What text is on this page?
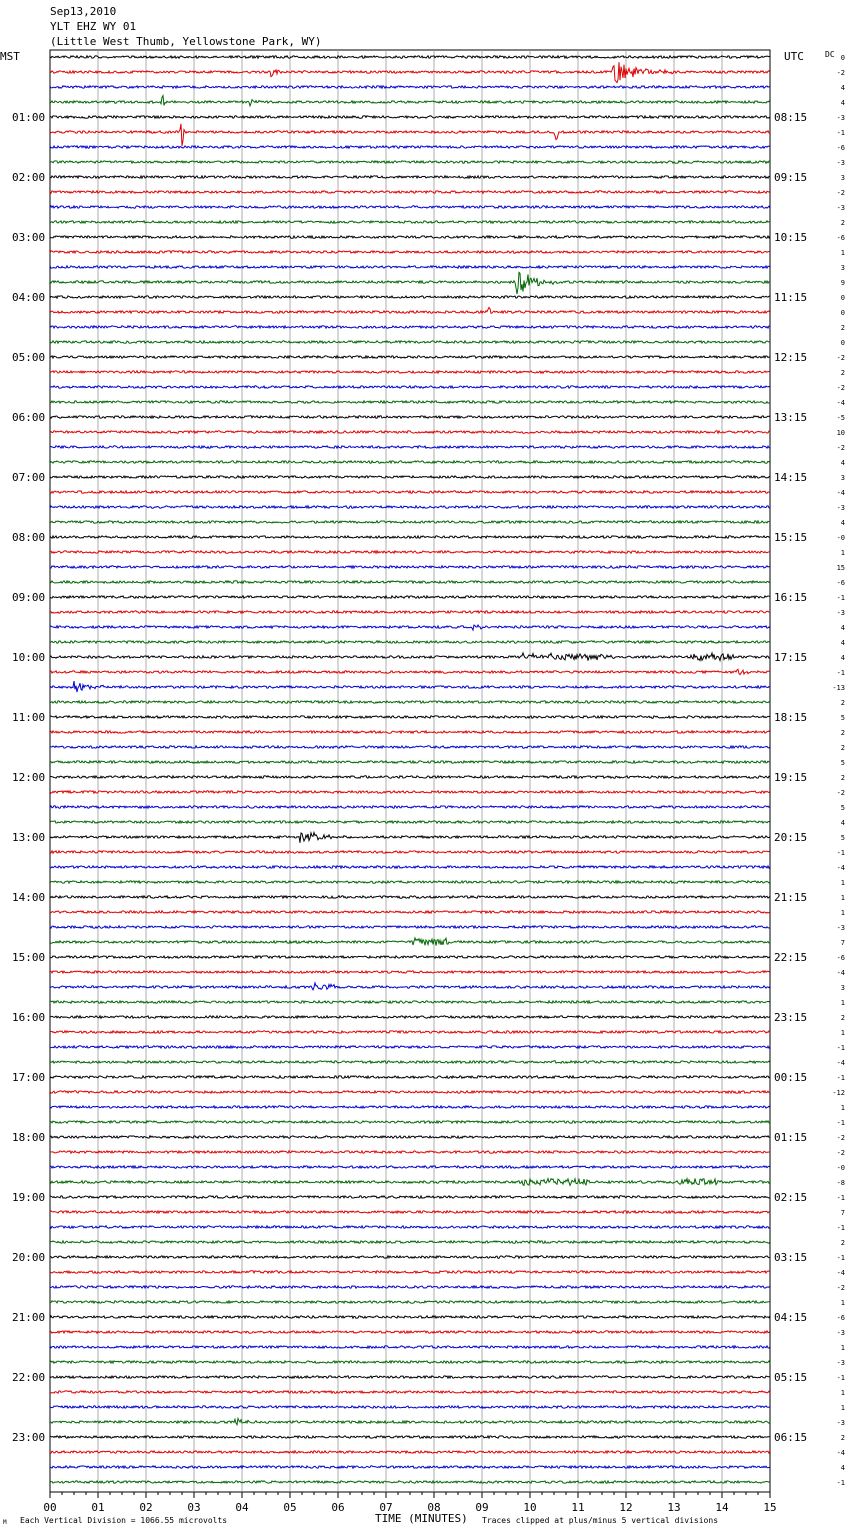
Sep13,2010
YLT EHZ WY 01
(Little West Thumb, Yellowstone Park, WY)
MST	UTC	DC
01:00
02:00
03:00
04:00
05:00
06:00
07:00
08:00
09:00
10:00
11:00
12:00
13:00
14:00
15:00
16:00
17:00
18:00
19:00
20:00
21:00
22:00
23:00
08:15
09:15
10:15
11:15
12:15
13:15
14:15
15:15
16:15
17:15
18:15
19:15
20:15
21:15
22:15
23:15
00:15
01:15
02:15
03:15
04:15
05:15
06:15
0
-2
4
4
-3
-1
-6
-3
3
-2
-3
2
-6
1
3
9
0
0
2
0
-2
2
-2
-4
-5
10
-2
4
3
-4
-3
4
-0
1
15
-6
-1
-3
4
4
4
-1
-13
2
5
2
2
5
2
-2
5
4
5
-1
-4
1
1
1
-3
7
-6
-4
3
1
2
1
-1
-4
-1
-12
1
-1
-2
-2
-0
-8
-1
7
-1
2
-1
-4
-2
1
-6
-3
1
-3
-1
1
1
-3
2
-4
4
-1
00	01	02	03	04	05	06	07	08	09	10	11	12	13	14	15
M Each Vertical Division = 1066.55 microvolts	TIME (MINUTES) Traces clipped at plus/minus 5 vertical divisions
